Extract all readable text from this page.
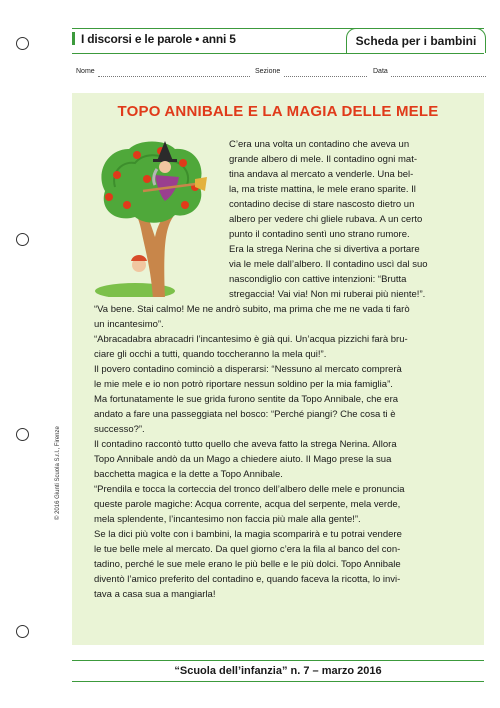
I discorsi e le parole • anni 5	Scheda per i bambini
Nome	Sezione	Data
TOPO ANNIBALE E LA MAGIA DELLE MELE
C’era una volta un contadino che aveva un
grande albero di mele. Il contadino ogni mat-
tina andava al mercato a venderle. Una bel-
la, ma triste mattina, le mele erano sparite. Il
contadino decise di stare nascosto dietro un
albero per vedere chi gliele rubava. A un certo
punto il contadino sentì uno strano rumore.
Era la strega Nerina che si divertiva a portare
via le mele dall’albero. Il contadino uscì dal suo
nascondiglio con cattive intenzioni: “Brutta
stregaccia! Vai via! Non mi ruberai più niente!”.
“Va bene. Stai calmo! Me ne andrò subito, ma prima che me ne vada ti farò
un incantesimo”.
“Abracadabra abracadri l’incantesimo è già qui. Un’acqua pizzichi farà bru-
ciare gli occhi a tutti, quando toccheranno la mela qui!”.
Il povero contadino cominciò a disperarsi: “Nessuno al mercato comprerà
le mie mele e io non potrò riportare nessun soldino per la mia famiglia”.
Ma fortunatamente le sue grida furono sentite da Topo Annibale, che era
andato a fare una passeggiata nel bosco: “Perché piangi? Che cosa ti è
successo?”.
Il contadino raccontò tutto quello che aveva fatto la strega Nerina. Allora
Topo Annibale andò da un Mago a chiedere aiuto. Il Mago prese la sua
bacchetta magica e la dette a Topo Annibale.
“Prendila e tocca la corteccia del tronco dell’albero delle mele e pronuncia
queste parole magiche: Acqua corrente, acqua del serpente, mela verde,
mela splendente, l’incantesimo non faccia più male alla gente!”.
Se la dici più volte con i bambini, la magia scomparirà e tu potrai vendere
le tue belle mele al mercato. Da quel giorno c’era la fila al banco del con-
tadino, perché le sue mele erano le più belle e le più dolci. Topo Annibale
diventò l’amico preferito del contadino e, quando faceva la ricotta, lo invi-
tava a casa sua a mangiarla!
© 2016 Giunti Scuola S.r.l., Firenze
“Scuola dell’infanzia” n. 7 – marzo 2016
